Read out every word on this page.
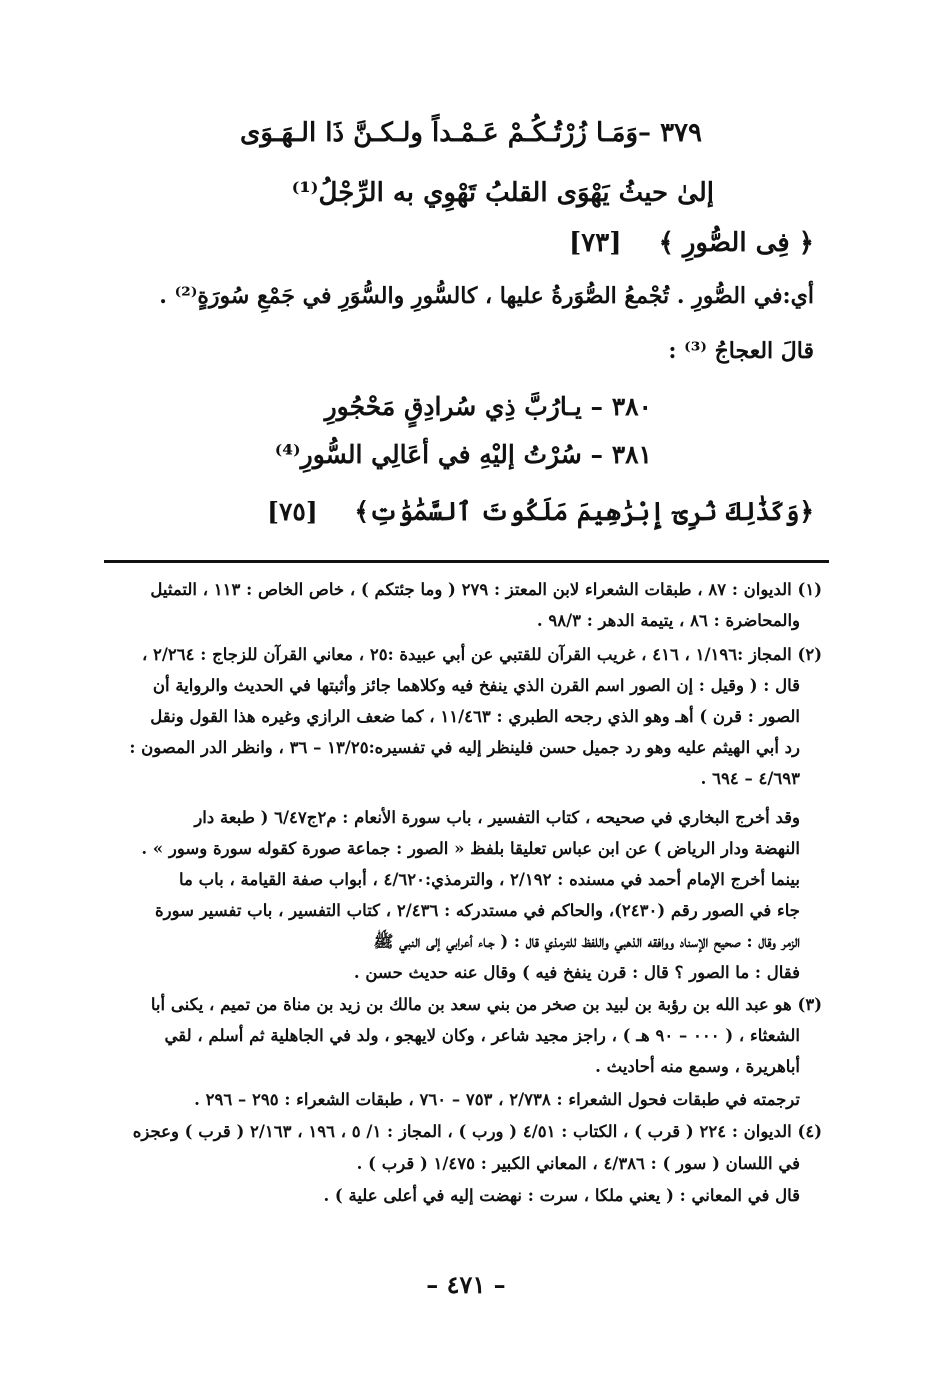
٣٧٩ –وَمَـا زُرْتُـكُـمْ عَـمْـداً ولـكـنَّ ذَا الـهَـوَى
إلىٰ حيثُ يَهْوَى القلبُ تَهْوِي به الرِّجْلُ⁽¹⁾
﴿ فِى الصُّورِ ﴾ [٧٣]
أي:في الصُّورِ . تُجْمعُ الصُّوَرةُ عليها ، كالسُّورِ والسُّوَرِ في جَمْعِ سُورَةٍ⁽²⁾ .
قالَ العجاجُ ⁽³⁾ :
٣٨٠ – يـارُبَّ ذِي سُرادِقٍ مَحْجُورِ
٣٨١ – سُرْتُ إليْهِ في أعَالِي السُّورِ⁽⁴⁾
﴿وَكَذَٰلِكَ نُرِىٓ إِبْرَٰهِيمَ مَلَكُوتَ ٱلسَّمَٰوَٰتِ﴾ [٧٥]
(١) الديوان : ٨٧ ، طبقات الشعراء لابن المعتز : ٢٧٩ ( وما جئتكم ) ، خاص الخاص : ١١٣ ، التمثيل
والمحاضرة : ٨٦ ، يتيمة الدهر : ٩٨/٣ .
(٢) المجاز :١/١٩٦ ، ٤١٦ ، غريب القرآن للقتبي عن أبي عبيدة :٢٥ ، معاني القرآن للزجاج : ٢/٢٦٤ ،
قال : ( وقيل : إن الصور اسم القرن الذي ينفخ فيه وكلاهما جائز وأثبتها في الحديث والرواية أن
الصور : قرن ) أهـ وهو الذي رجحه الطبري : ١١/٤٦٣ ، كما ضعف الرازي وغيره هذا القول ونقل
رد أبي الهيثم عليه وهو رد جميل حسن فلينظر إليه في تفسيره:١٣/٢٥ – ٣٦ ، وانظر الدر المصون :
٤/٦٩٣ – ٦٩٤ .
وقد أخرج البخاري في صحيحه ، كتاب التفسير ، باب سورة الأنعام : م٢ج٦/٤٧ ( طبعة دار
النهضة ودار الرياض ) عن ابن عباس تعليقا بلفظ « الصور : جماعة صورة كقوله سورة وسور » .
بينما أخرج الإمام أحمد في مسنده : ٢/١٩٢ ، والترمذي:٤/٦٢٠ ، أبواب صفة القيامة ، باب ما
جاء في الصور رقم (٢٤٣٠)، والحاكم في مستدركه : ٢/٤٣٦ ، كتاب التفسير ، باب تفسير سورة
الزمر وقال : صحيح الإسناد ووافقه الذهبي واللفظ للترمذي قال : ( جـاء أعرابي إلى النبي ﷺ
فقال : ما الصور ؟ قال : قرن ينفخ فيه ) وقال عنه حديث حسن .
(٣) هو عبد الله بن رؤبة بن لبيد بن صخر من بني سعد بن مالك بن زيد بن مناة من تميم ، يكنى أبا
الشعثاء ، ( ٠٠٠ – ٩٠ هـ ) ، راجز مجيد شاعر ، وكان لايهجو ، ولد في الجاهلية ثم أسلم ، لقي
أباهريرة ، وسمع منه أحاديث .
ترجمته في طبقات فحول الشعراء : ٢/٧٣٨ ، ٧٥٣ – ٧٦٠ ، طبقات الشعراء : ٢٩٥ – ٢٩٦ .
(٤) الديوان : ٢٢٤ ( قرب ) ، الكتاب : ٤/٥١ ( ورب ) ، المجاز : ١/ ٥ ، ١٩٦ ، ٢/١٦٣ ( قرب ) وعجزه
في اللسان ( سور ) : ٤/٣٨٦ ، المعاني الكبير : ١/٤٧٥ ( قرب ) .
قال في المعاني : ( يعني ملكا ، سرت : نهضت إليه في أعلى علية ) .
– ٤٧١ –
